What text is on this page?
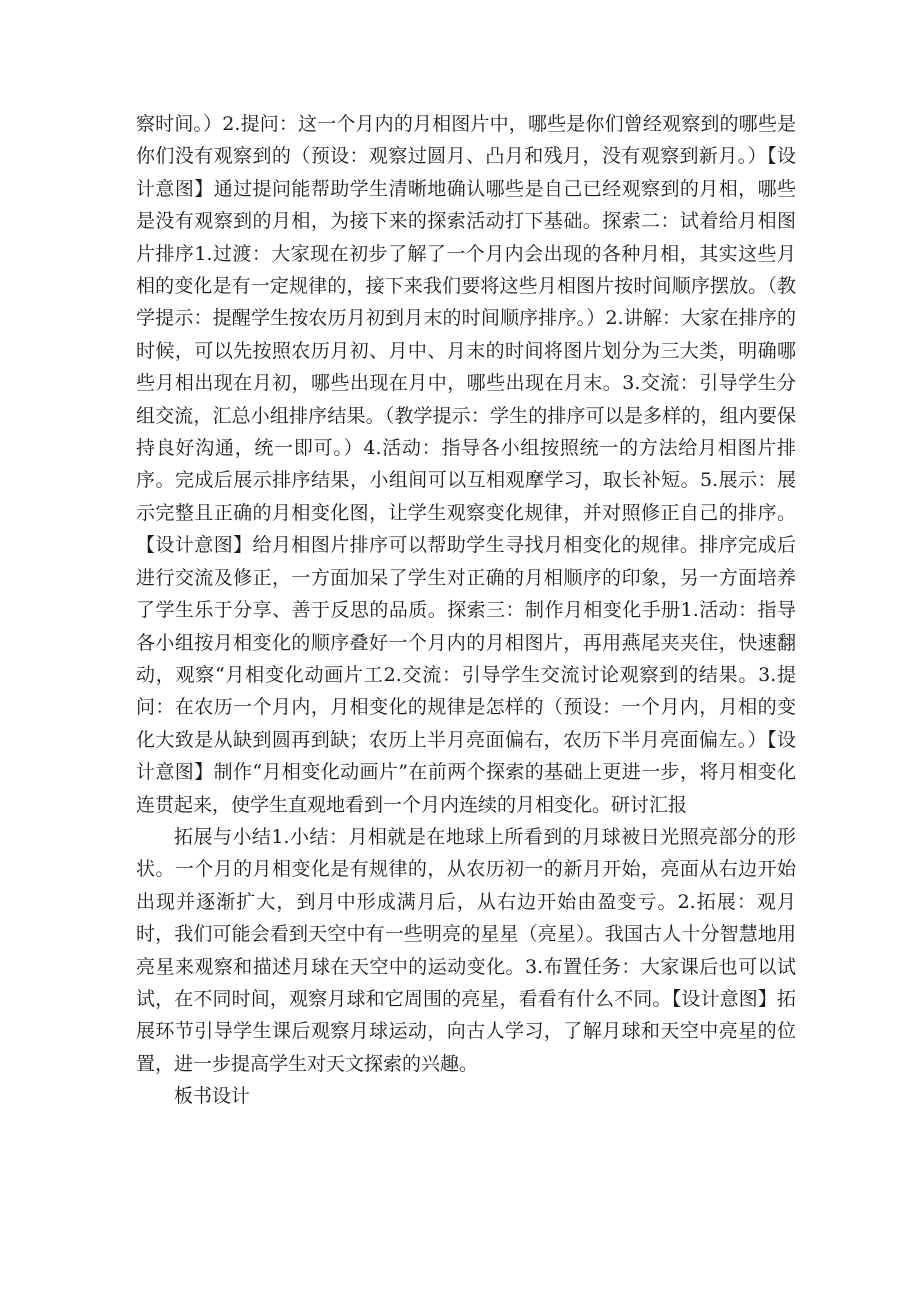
察时间。）2.提问：这一个月内的月相图片中，哪些是你们曾经观察到的哪些是你们没有观察到的（预设：观察过圆月、凸月和残月，没有观察到新月。）【设计意图】通过提问能帮助学生清晰地确认哪些是自己已经观察到的月相，哪些是没有观察到的月相，为接下来的探索活动打下基础。探索二：试着给月相图片排序1.过渡：大家现在初步了解了一个月内会出现的各种月相，其实这些月相的变化是有一定规律的，接下来我们要将这些月相图片按时间顺序摆放。（教学提示：提醒学生按农历月初到月末的时间顺序排序。）2.讲解：大家在排序的时候，可以先按照农历月初、月中、月末的时间将图片划分为三大类，明确哪些月相出现在月初，哪些出现在月中，哪些出现在月末。3.交流：引导学生分组交流，汇总小组排序结果。（教学提示：学生的排序可以是多样的，组内要保持良好沟通，统一即可。）4.活动：指导各小组按照统一的方法给月相图片排序。完成后展示排序结果，小组间可以互相观摩学习，取长补短。5.展示：展示完整且正确的月相变化图，让学生观察变化规律，并对照修正自己的排序。【设计意图】给月相图片排序可以帮助学生寻找月相变化的规律。排序完成后进行交流及修正，一方面加呆了学生对正确的月相顺序的印象，另一方面培养了学生乐于分享、善于反思的品质。探索三：制作月相变化手册1.活动：指导各小组按月相变化的顺序叠好一个月内的月相图片，再用燕尾夹夹住，快速翻动，观察“月相变化动画片工2.交流：引导学生交流讨论观察到的结果。3.提问：在农历一个月内，月相变化的规律是怎样的（预设：一个月内，月相的变化大致是从缺到圆再到缺；农历上半月亮面偏右，农历下半月亮面偏左。）【设计意图】制作“月相变化动画片”在前两个探索的基础上更进一步，将月相变化连贯起来，使学生直观地看到一个月内连续的月相变化。研讨汇报

拓展与小结1.小结：月相就是在地球上所看到的月球被日光照亮部分的形状。一个月的月相变化是有规律的，从农历初一的新月开始，亮面从右边开始出现并逐渐扩大，到月中形成满月后，从右边开始由盈变亏。2.拓展：观月时，我们可能会看到天空中有一些明亮的星星（亮星）。我国古人十分智慧地用亮星来观察和描述月球在天空中的运动变化。3.布置任务：大家课后也可以试试，在不同时间，观察月球和它周围的亮星，看看有什么不同。【设计意图】拓展环节引导学生课后观察月球运动，向古人学习，了解月球和天空中亮星的位置，进一步提高学生对天文探索的兴趣。

板书设计
